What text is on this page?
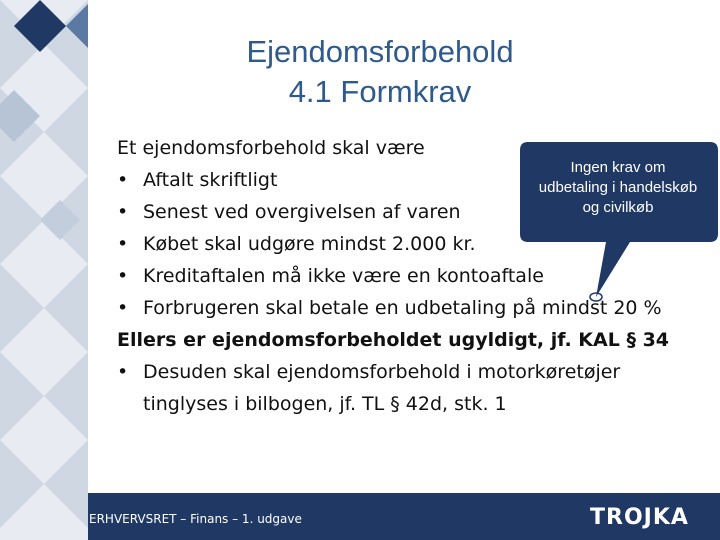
Ejendomsforbehold
4.1 Formkrav
Et ejendomsforbehold skal være
• Aftalt skriftligt
• Senest ved overgivelsen af varen
• Købet skal udgøre mindst 2.000 kr.
• Kreditaftalen må ikke være en kontoaftale
• Forbrugeren skal betale en udbetaling på mindst 20 %
Ellers er ejendomsforbeholdet ugyldigt, jf. KAL § 34
• Desuden skal ejendomsforbehold i motorkøretøjer
tinglyses i bilbogen, jf. TL § 42d, stk. 1
Ingen krav om udbetaling i handelskøb og civilkøb
ERHVERVSRET – Finans – 1. udgave	TROJKA
